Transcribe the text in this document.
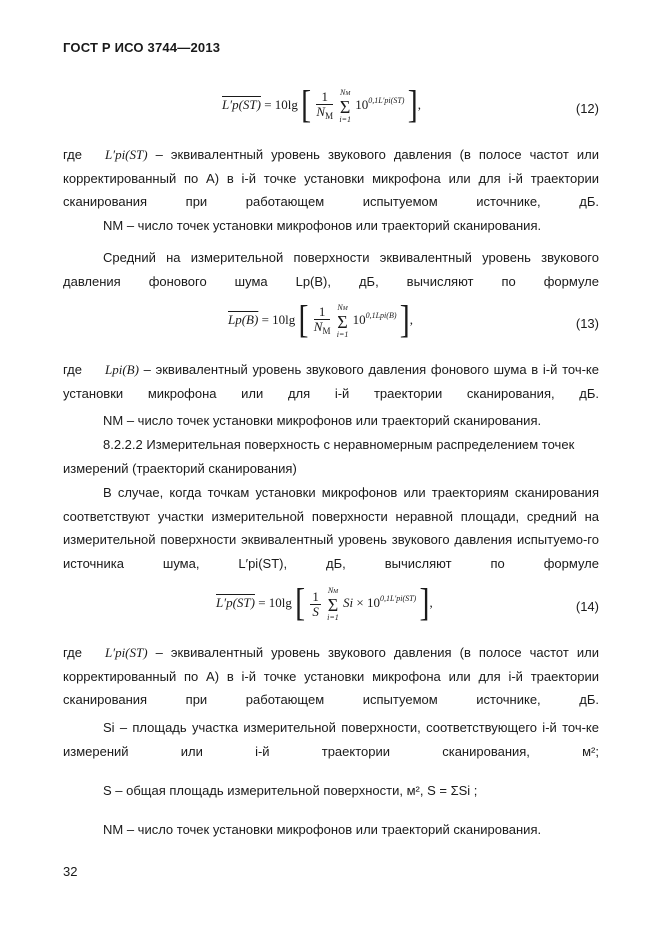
ГОСТ Р ИСО 3744—2013
L′p(ST) = 10lg [ $\frac{1}{N_M}$ NM
Σ
i=1 $10^{0,1L'pi(ST)}$ ],	(12)

где L′pi(ST) – эквивалентный уровень звукового давления (в полосе частот или корректированный по А) в i-й точке установки микрофона или для i-й траектории сканирования при работающем испытуемом источнике, дБ.

NM – число точек установки микрофонов или траекторий сканирования.

Средний на измерительной поверхности эквивалентный уровень звукового давления фонового шума Lp(B), дБ, вычисляют по формуле

Lp(B) = 10lg [ $\frac{1}{N_M}$ NM
Σ
i=1 $10^{0,1Lpi(B)}$ ],	(13)

где Lpi(B) – эквивалентный уровень звукового давления фонового шума в i-й точ-ке установки микрофона или для i-й траектории сканирования, дБ.

NM – число точек установки микрофонов или траекторий сканирования.

8.2.2.2 Измерительная поверхность с неравномерным распределением точек измерений (траекторий сканирования)

В случае, когда точкам установки микрофонов или траекториям сканирования соответствуют участки измерительной поверхности неравной площади, средний на измерительной поверхности эквивалентный уровень звукового давления испытуемо-го источника шума, L′pi(ST), дБ, вычисляют по формуле

L′p(ST) = 10lg [ $\frac{1}{S}$ NM
Σ
i=1 $Si \times 10^{0,1L'pi(ST)}$ ],	(14)

где L′pi(ST) – эквивалентный уровень звукового давления (в полосе частот или корректированный по А) в i-й точке установки микрофона или для i-й траектории сканирования при работающем испытуемом источнике, дБ.

Si – площадь участка измерительной поверхности, соответствующего i-й точ-ке измерений или i-й траектории сканирования, м²;

S – общая площадь измерительной поверхности, м², S = ΣSi ;

NM – число точек установки микрофонов или траекторий сканирования.

32
